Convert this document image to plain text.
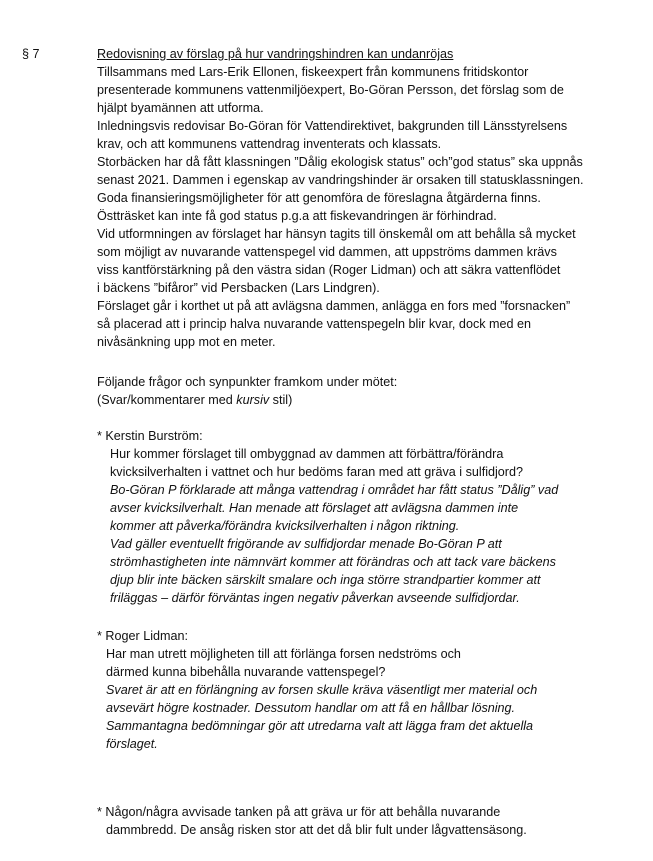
§ 7	Redovisning av förslag på hur vandringshindren kan undanröjas
Tillsammans med Lars-Erik Ellonen, fiskeexpert från kommunens fritidskontor
presenterade kommunens vattenmiljöexpert, Bo-Göran Persson, det förslag som de
hjälpt byamännen att utforma.
Inledningsvis redovisar Bo-Göran för Vattendirektivet, bakgrunden till Länsstyrelsens
krav, och att kommunens vattendrag inventerats och klassats.
Storbäcken har då fått klassningen ”Dålig ekologisk status” och”god status” ska uppnås
senast 2021. Dammen i egenskap av vandringshinder är orsaken till statusklassningen.
Goda finansieringsmöjligheter för att genomföra de föreslagna åtgärderna finns.
Östträsket kan inte få god status p.g.a att fiskevandringen är förhindrad.
Vid utformningen av förslaget har hänsyn tagits till önskemål om att behålla så mycket
som möjligt av nuvarande vattenspegel vid dammen, att uppströms dammen krävs
viss kantförstärkning på den västra sidan (Roger Lidman) och att säkra vattenflödet
i bäckens ”bifåror” vid Persbacken (Lars Lindgren).
Förslaget går i korthet ut på att avlägsna dammen, anlägga en fors med ”forsnacken”
så placerad att i princip halva nuvarande vattenspegeln blir kvar, dock med en
nivåsänkning upp mot en meter.
Följande frågor och synpunkter framkom under mötet:
(Svar/kommentarer med kursiv stil)
* Kerstin Burström:
Hur kommer förslaget till ombyggnad av dammen att förbättra/förändra
kvicksilverhalten i vattnet och hur bedöms faran med att gräva i sulfidjord?
Bo-Göran P förklarade att många vattendrag i området har fått status ”Dålig” vad
avser kvicksilverhalt. Han menade att förslaget att avlägsna dammen inte
kommer att påverka/förändra kvicksilverhalten i någon riktning.
Vad gäller eventuellt frigörande av sulfidjordar menade Bo-Göran P att
strömhastigheten inte nämnvärt kommer att förändras och att tack vare bäckens
djup blir inte bäcken särskilt smalare och inga större strandpartier kommer att
friläggas – därför förväntas ingen negativ påverkan avseende sulfidjordar.
* Roger Lidman:
Har man utrett möjligheten till att förlänga forsen nedströms och
därmed kunna bibehålla nuvarande vattenspegel?
Svaret är att en förlängning av forsen skulle kräva väsentligt mer material och
avsevärt högre kostnader. Dessutom handlar om att få en hållbar lösning.
Sammantagna bedömningar gör att utredarna valt att lägga fram det aktuella
förslaget.
* Någon/några avvisade tanken på att gräva ur för att behålla nuvarande
dammbredd. De ansåg risken stor att det då blir fult under lågvattensäsong.
